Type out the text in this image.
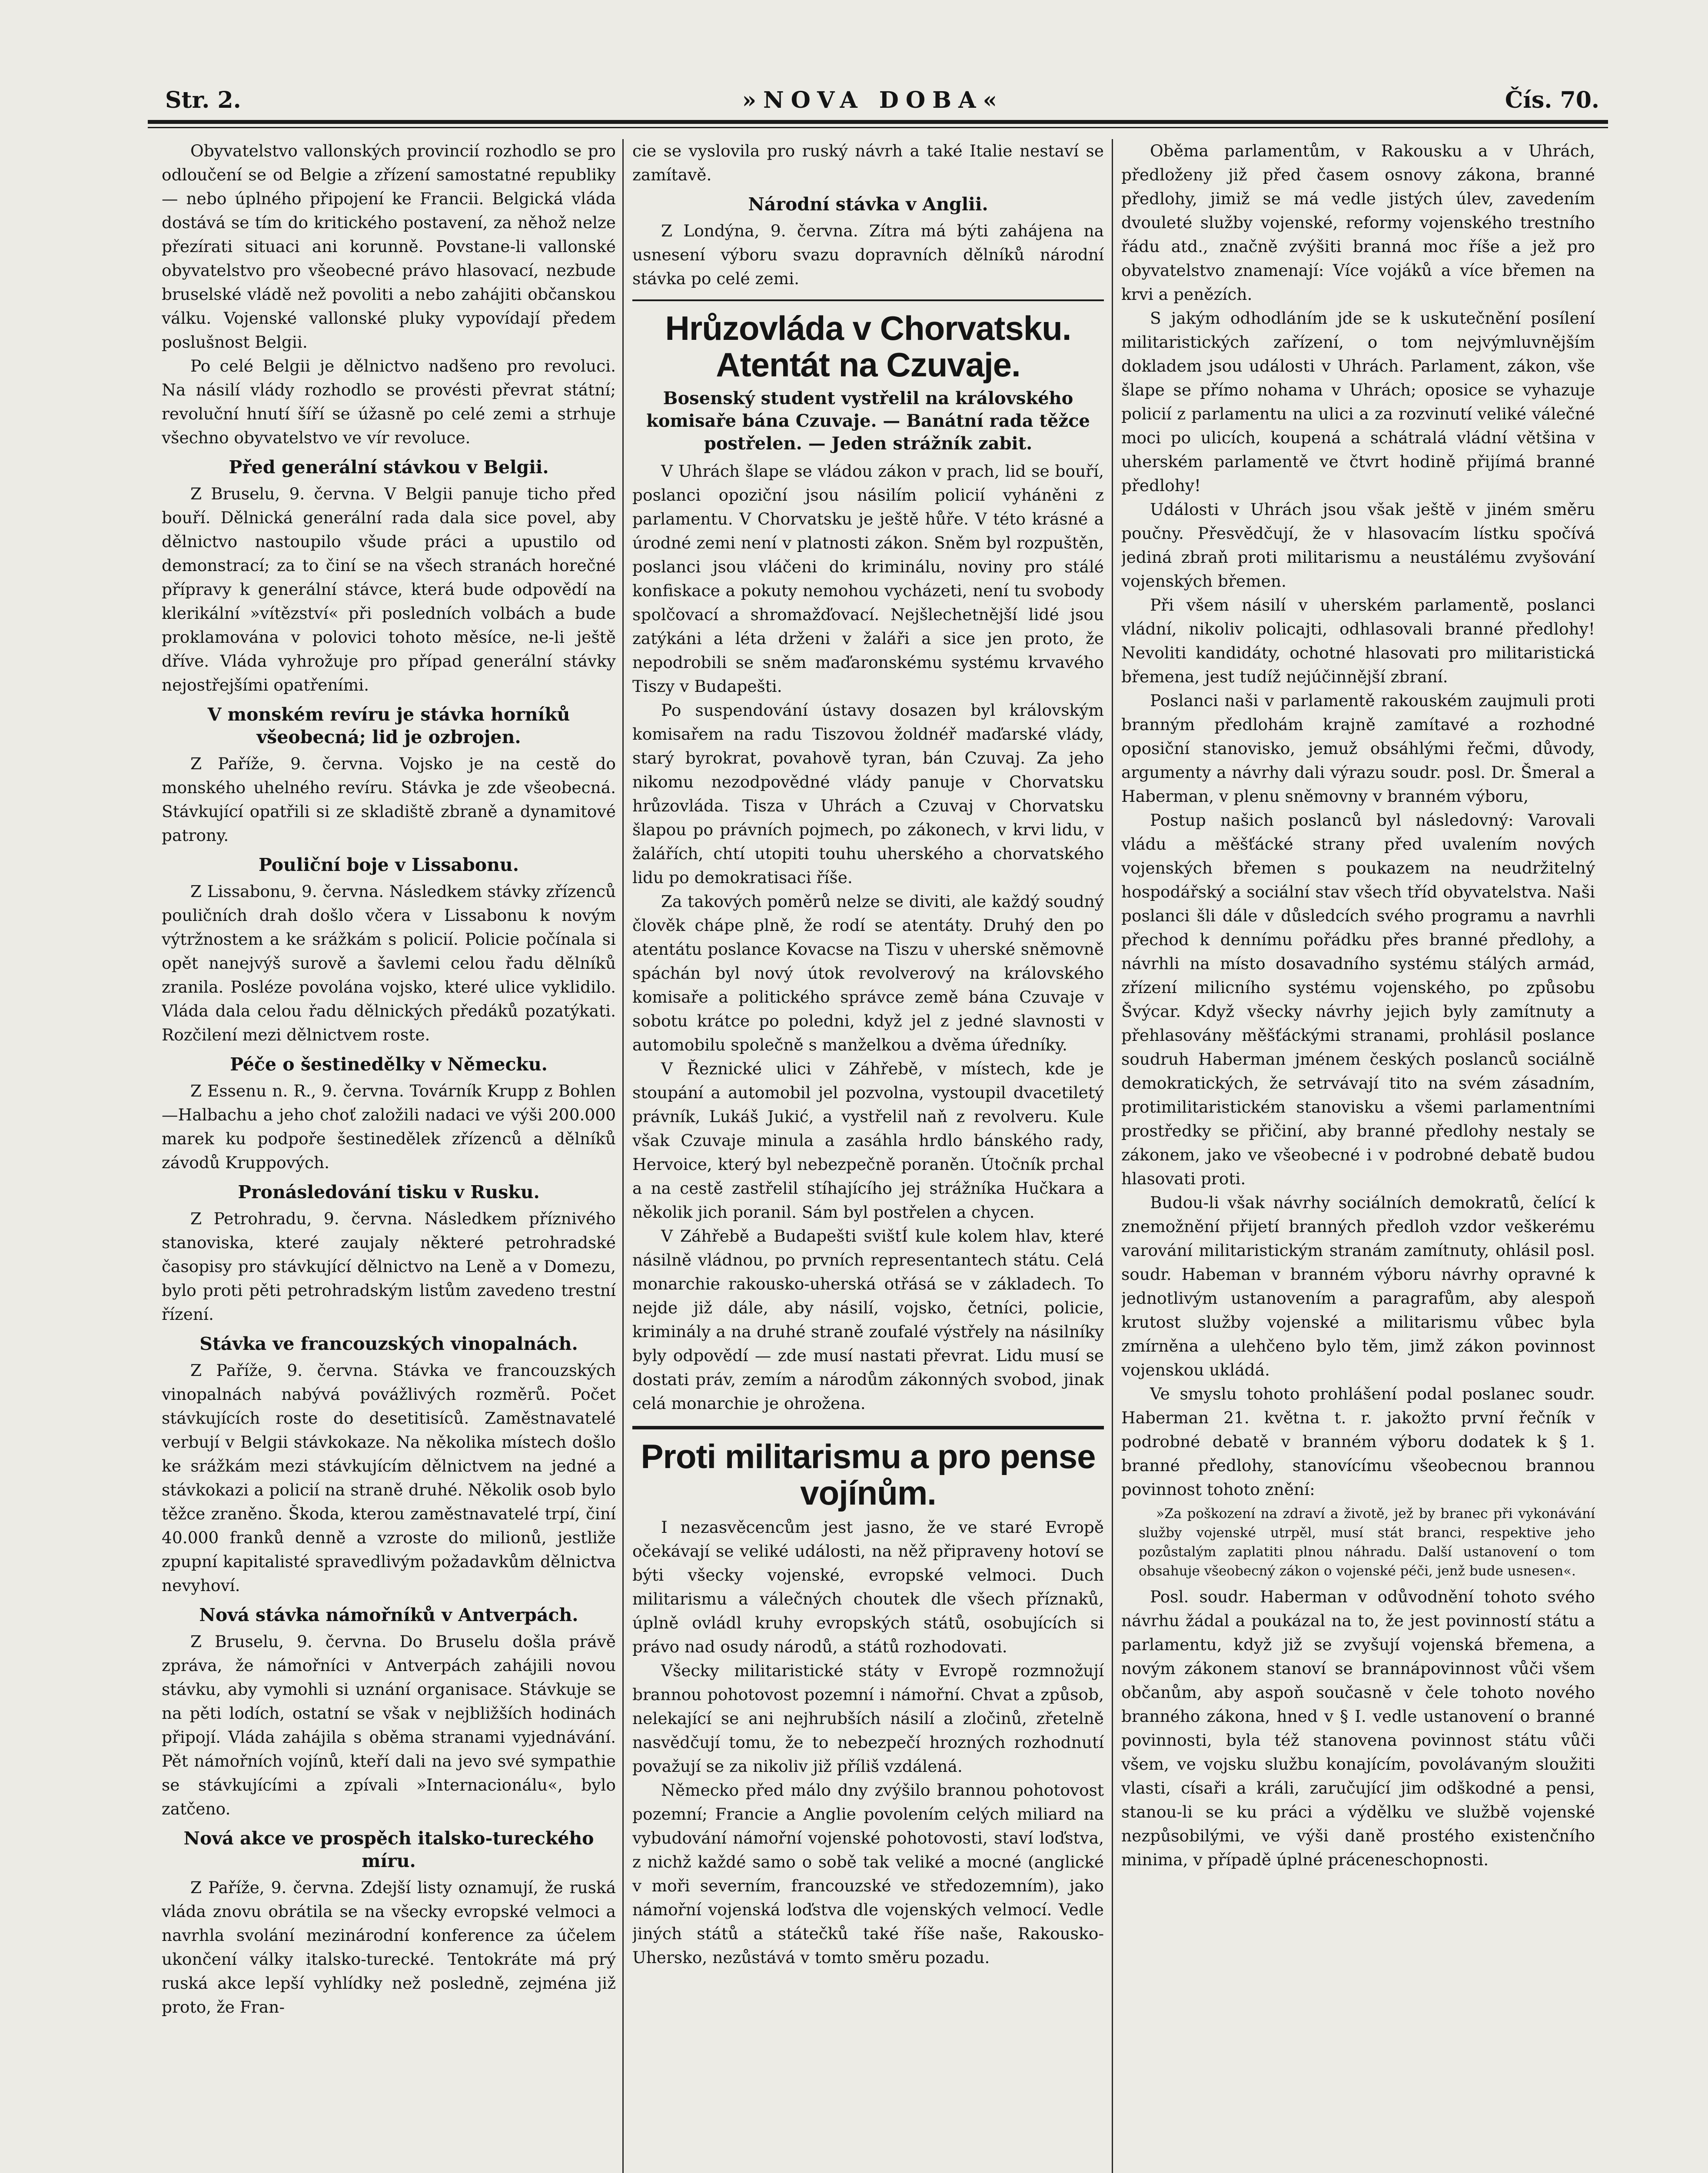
Str. 2.	»NOVA DOBA«	Čís. 70.

Obyvatelstvo vallonských provincií rozhodlo se pro odloučení se od Belgie a zřízení samostatné republiky — nebo úplného připojení ke Francii. Belgická vláda dostává se tím do kritického postavení, za něhož nelze přezírati situaci ani korunně. Povstane-li vallonské obyvatelstvo pro všeobecné právo hlasovací, nezbude bruselské vládě než povoliti a nebo zahájiti občanskou válku. Vojenské vallonské pluky vypovídají předem poslušnost Belgii.

Po celé Belgii je dělnictvo nadšeno pro revoluci. Na násilí vlády rozhodlo se provésti převrat státní; revoluční hnutí šíří se úžasně po celé zemi a strhuje všechno obyvatelstvo ve vír revoluce.

Před generální stávkou v Belgii.

Z Bruselu, 9. června. V Belgii panuje ticho před bouří. Dělnická generální rada dala sice povel, aby dělnictvo nastoupilo všude práci a upustilo od demonstrací; za to činí se na všech stranách horečné přípravy k generální stávce, která bude odpovědí na klerikální »vítězství« při posledních volbách a bude proklamována v polovici tohoto měsíce, ne-li ještě dříve. Vláda vyhrožuje pro případ generální stávky nejostřejšími opatřeními.

V monském revíru je stávka horníků všeobecná; lid je ozbrojen.

Z Paříže, 9. června. Vojsko je na cestě do monského uhelného revíru. Stávka je zde všeobecná. Stávkující opatřili si ze skladiště zbraně a dynamitové patrony.

Pouliční boje v Lissabonu.

Z Lissabonu, 9. června. Následkem stávky zřízenců pouličních drah došlo včera v Lissabonu k novým výtržnostem a ke srážkám s policií. Policie počínala si opět nanejvýš surově a šavlemi celou řadu dělníků zranila. Posléze povolána vojsko, které ulice vyklidilo. Vláda dala celou řadu dělnických předáků pozatýkati. Rozčilení mezi dělnictvem roste.

Péče o šestinedělky v Německu.

Z Essenu n. R., 9. června. Továrník Krupp z Bohlen—Halbachu a jeho choť založili nadaci ve výši 200.000 marek ku podpoře šestinedělek zřízenců a dělníků závodů Kruppových.

Pronásledování tisku v Rusku.

Z Petrohradu, 9. června. Následkem příznivého stanoviska, které zaujaly některé petrohradské časopisy pro stávkující dělnictvo na Leně a v Domezu, bylo proti pěti petrohradským listům zavedeno trestní řízení.

Stávka ve francouzských vinopalnách.

Z Paříže, 9. června. Stávka ve francouzských vinopalnách nabývá povážlivých rozměrů. Počet stávkujících roste do desetitisíců. Zaměstnavatelé verbují v Belgii stávkokaze. Na několika místech došlo ke srážkám mezi stávkujícím dělnictvem na jedné a stávkokazi a policií na straně druhé. Několik osob bylo těžce zraněno. Škoda, kterou zaměstnavatelé trpí, činí 40.000 franků denně a vzroste do milionů, jestliže zpupní kapitalisté spravedlivým požadavkům dělnictva nevyhoví.

Nová stávka námořníků v Antverpách.

Z Bruselu, 9. června. Do Bruselu došla právě zpráva, že námořníci v Antverpách zahájili novou stávku, aby vymohli si uznání organisace. Stávkuje se na pěti lodích, ostatní se však v nejbližších hodinách připojí. Vláda zahájila s oběma stranami vyjednávání. Pět námořních vojínů, kteří dali na jevo své sympathie se stávkujícími a zpívali »Internacionálu«, bylo zatčeno.

Nová akce ve prospěch italsko-tureckého míru.

Z Paříže, 9. června. Zdejší listy oznamují, že ruská vláda znovu obrátila se na všecky evropské velmoci a navrhla svolání mezinárodní konference za účelem ukončení války italsko-turecké. Tentokráte má prý ruská akce lepší vyhlídky než posledně, zejména již proto, že Fran-

cie se vyslovila pro ruský návrh a také Italie nestaví se zamítavě.

Národní stávka v Anglii.

Z Londýna, 9. června. Zítra má býti zahájena na usnesení výboru svazu dopravních dělníků národní stávka po celé zemi.

Hrůzovláda v Chorvatsku. Atentát na Czuvaje.
Bosenský student vystřelil na královského komisaře bána Czuvaje. — Banátní rada těžce postřelen. — Jeden strážník zabit.

V Uhrách šlape se vládou zákon v prach, lid se bouří, poslanci opoziční jsou násilím policií vyháněni z parlamentu. V Chorvatsku je ještě hůře. V této krásné a úrodné zemi není v platnosti zákon. Sněm byl rozpuštěn, poslanci jsou vláčeni do kriminálu, noviny pro stálé konfiskace a pokuty nemohou vycházeti, není tu svobody spolčovací a shromažďovací. Nejšlechetnější lidé jsou zatýkáni a léta drženi v žaláři a sice jen proto, že nepodrobili se sněm maďaronskému systému krvavého Tiszy v Budapešti.

Po suspendování ústavy dosazen byl královským komisařem na radu Tiszovou žoldnéř maďarské vlády, starý byrokrat, povahově tyran, bán Czuvaj. Za jeho nikomu nezodpovědné vlády panuje v Chorvatsku hrůzovláda. Tisza v Uhrách a Czuvaj v Chorvatsku šlapou po právních pojmech, po zákonech, v krvi lidu, v žalářích, chtí utopiti touhu uherského a chorvatského lidu po demokratisaci říše.

Za takových poměrů nelze se diviti, ale každý soudný člověk chápe plně, že rodí se atentáty. Druhý den po atentátu poslance Kovacse na Tiszu v uherské sněmovně spáchán byl nový útok revolverový na královského komisaře a politického správce země bána Czuvaje v sobotu krátce po poledni, když jel z jedné slavnosti v automobilu společně s manželkou a dvěma úředníky.

V Řeznické ulici v Záhřebě, v místech, kde je stoupání a automobil jel pozvolna, vystoupil dvacetiletý právník, Lukáš Jukić, a vystřelil naň z revolveru. Kule však Czuvaje minula a zasáhla hrdlo bánského rady, Hervoice, který byl nebezpečně poraněn. Útočník prchal a na cestě zastřelil stíhajícího jej strážníka Hučkara a několik jich poranil. Sám byl postřelen a chycen.

V Záhřebě a Budapešti svištÍ kule kolem hlav, které násilně vládnou, po prvních representantech státu. Celá monarchie rakousko-uherská otřásá se v základech. To nejde již dále, aby násilí, vojsko, četníci, policie, kriminály a na druhé straně zoufalé výstřely na násilníky byly odpovědí — zde musí nastati převrat. Lidu musí se dostati práv, zemím a národům zákonných svobod, jinak celá monarchie je ohrožena.

Proti militarismu a pro pense vojínům.

I nezasvěcencům jest jasno, že ve staré Evropě očekávají se veliké události, na něž připraveny hotoví se býti všecky vojenské, evropské velmoci. Duch militarismu a válečných choutek dle všech příznaků, úplně ovládl kruhy evropských států, osobujících si právo nad osudy národů, a států rozhodovati.

Všecky militaristické státy v Evropě rozmnožují brannou pohotovost pozemní i námořní. Chvat a způsob, nelekající se ani nejhrubších násilí a zločinů, zřetelně nasvědčují tomu, že to nebezpečí hrozných rozhodnutí považují se za nikoliv již příliš vzdálená.

Německo před málo dny zvýšilo brannou pohotovost pozemní; Francie a Anglie povolením celých miliard na vybudování námořní vojenské pohotovosti, staví loďstva, z nichž každé samo o sobě tak veliké a mocné (anglické v moři severním, francouzské ve středozemním), jako námořní vojenská loďstva dle vojenských velmocí. Vedle jiných států a státečků také říše naše, Rakousko-Uhersko, nezůstává v tomto směru pozadu.

Oběma parlamentům, v Rakousku a v Uhrách, předloženy již před časem osnovy zákona, branné předlohy, jimiž se má vedle jistých úlev, zavedením dvouleté služby vojenské, reformy vojenského trestního řádu atd., značně zvýšiti branná moc říše a jež pro obyvatelstvo znamenají: Více vojáků a více břemen na krvi a penězích.

S jakým odhodláním jde se k uskutečnění posílení militaristických zařízení, o tom nejvýmluvnějším dokladem jsou události v Uhrách. Parlament, zákon, vše šlape se přímo nohama v Uhrách; oposice se vyhazuje policií z parlamentu na ulici a za rozvinutí veliké válečné moci po ulicích, koupená a schátralá vládní většina v uherském parlamentě ve čtvrt hodině přijímá branné předlohy!

Události v Uhrách jsou však ještě v jiném směru poučny. Přesvědčují, že v hlasovacím lístku spočívá jediná zbraň proti militarismu a neustálému zvyšování vojenských břemen.

Při všem násilí v uherském parlamentě, poslanci vládní, nikoliv policajti, odhlasovali branné předlohy! Nevoliti kandidáty, ochotné hlasovati pro militaristická břemena, jest tudíž nejúčinnější zbraní.

Poslanci naši v parlamentě rakouském zaujmuli proti branným předlohám krajně zamítavé a rozhodné oposiční stanovisko, jemuž obsáhlými řečmi, důvody, argumenty a návrhy dali výrazu soudr. posl. Dr. Šmeral a Haberman, v plenu sněmovny v branném výboru,

Postup našich poslanců byl následovný: Varovali vládu a měšťácké strany před uvalením nových vojenských břemen s poukazem na neudržitelný hospodářský a sociální stav všech tříd obyvatelstva. Naši poslanci šli dále v důsledcích svého programu a navrhli přechod k dennímu pořádku přes branné předlohy, a návrhli na místo dosavadního systému stálých armád, zřízení milicního systému vojenského, po způsobu Švýcar. Když všecky návrhy jejich byly zamítnuty a přehlasovány měšťáckými stranami, prohlásil poslance soudruh Haberman jménem českých poslanců sociálně demokratických, že setrvávají tito na svém zásadním, protimilitaristickém stanovisku a všemi parlamentními prostředky se přičiní, aby branné předlohy nestaly se zákonem, jako ve všeobecné i v podrobné debatě budou hlasovati proti.

Budou-li však návrhy sociálních demokratů, čelící k znemožnění přijetí branných předloh vzdor veškerému varování militaristickým stranám zamítnuty, ohlásil posl. soudr. Habeman v branném výboru návrhy opravné k jednotlivým ustanovením a paragrafům, aby alespoň krutost služby vojenské a militarismu vůbec byla zmírněna a ulehčeno bylo těm, jimž zákon povinnost vojenskou ukládá.

Ve smyslu tohoto prohlášení podal poslanec soudr. Haberman 21. května t. r. jakožto první řečník v podrobné debatě v branném výboru dodatek k § 1. branné předlohy, stanovícímu všeobecnou brannou povinnost tohoto znění:

»Za poškození na zdraví a životě, jež by branec při vykonávání služby vojenské utrpěl, musí stát branci, respektive jeho pozůstalým zaplatiti plnou náhradu. Další ustanovení o tom obsahuje všeobecný zákon o vojenské péči, jenž bude usnesen«.

Posl. soudr. Haberman v odůvodnění tohoto svého návrhu žádal a poukázal na to, že jest povinností státu a parlamentu, když již se zvyšují vojenská břemena, a novým zákonem stanoví se brannápovinnost vůči všem občanům, aby aspoň současně v čele tohoto nového branného zákona, hned v § I. vedle ustanovení o branné povinnosti, byla též stanovena povinnost státu vůči všem, ve vojsku službu konajícím, povolávaným sloužiti vlasti, císaři a králi, zaručující jim odškodné a pensi, stanou-li se ku práci a výdělku ve službě vojenské nezpůsobilými, ve výši daně prostého existenčního minima, v případě úplné práceneschopnosti.
